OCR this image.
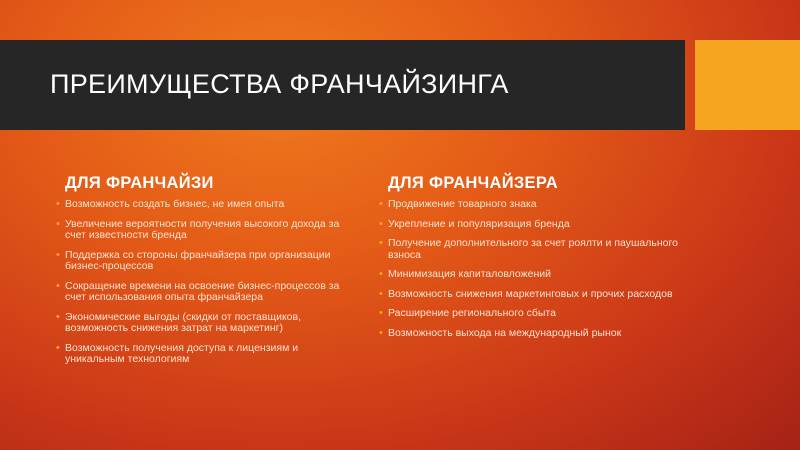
ПРЕИМУЩЕСТВА ФРАНЧАЙЗИНГА
ДЛЯ ФРАНЧАЙЗИ
• Возможность создать бизнес, не имея опыта
• Увеличение вероятности получения высокого дохода за счет известности бренда
• Поддержка со стороны франчайзера при организации бизнес-процессов
• Сокращение времени на освоение бизнес-процессов за счет использования опыта франчайзера
• Экономические выгоды (скидки от поставщиков, возможность снижения затрат на маркетинг)
• Возможность получения доступа к лицензиям и уникальным технологиям
ДЛЯ ФРАНЧАЙЗЕРА
• Продвижение товарного знака
• Укрепление и популяризация бренда
• Получение дополнительного за счет роялти и паушального взноса
• Минимизация капиталовложений
• Возможность снижения маркетинговых и прочих расходов
• Расширение регионального сбыта
• Возможность выхода на международный рынок
